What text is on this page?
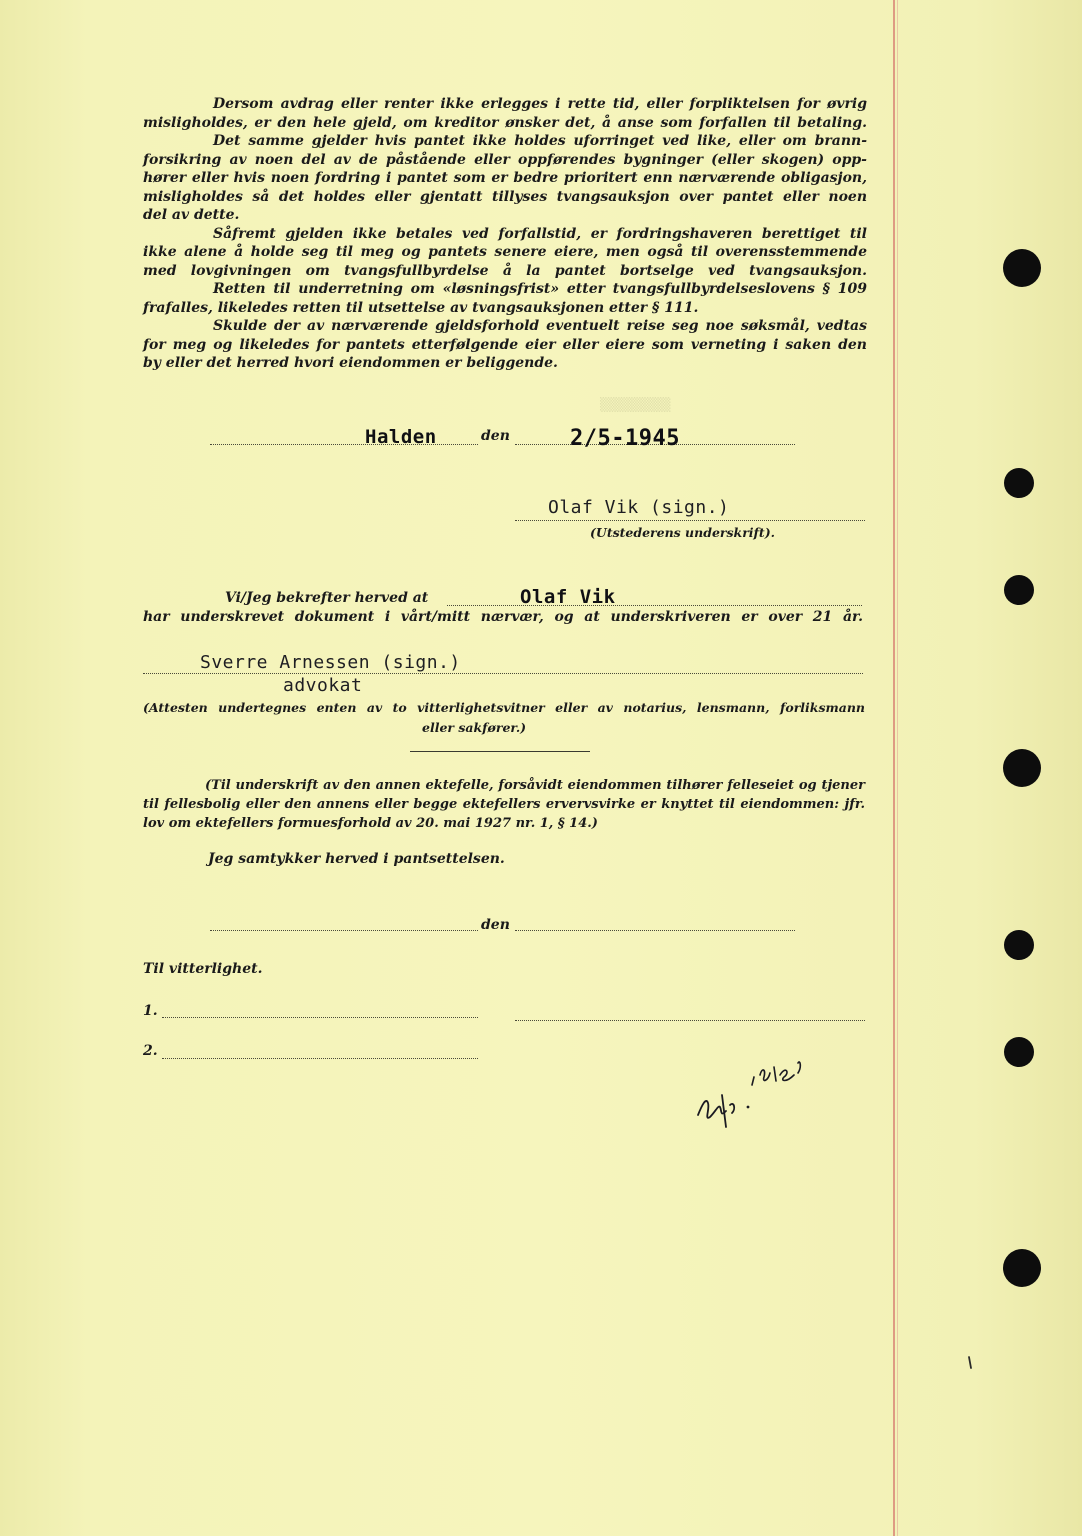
▒▒▒▒▒▒▒▒▒

Dersom avdrag eller renter ikke erlegges i rette tid, eller forpliktelsen for øvrig

misligholdes, er den hele gjeld, om kreditor ønsker det, å anse som forfallen til betaling.

Det samme gjelder hvis pantet ikke holdes uforringet ved like, eller om brann-

forsikring av noen del av de påstående eller oppførendes bygninger (eller skogen) opp-

hører eller hvis noen fordring i pantet som er bedre prioritert enn nærværende obligasjon,

misligholdes så det holdes eller gjentatt tillyses tvangsauksjon over pantet eller noen

del av dette.

Såfremt gjelden ikke betales ved forfallstid, er fordringshaveren berettiget til

ikke alene å holde seg til meg og pantets senere eiere, men også til overensstemmende

med lovgivningen om tvangsfullbyrdelse å la pantet bortselge ved tvangsauksjon.

Retten til underretning om «løsningsfrist» etter tvangsfullbyrdelseslovens § 109

frafalles, likeledes retten til utsettelse av tvangsauksjonen etter § 111.

Skulde der av nærværende gjeldsforhold eventuelt reise seg noe søksmål, vedtas

for meg og likeledes for pantets etterfølgende eier eller eiere som verneting i saken den

by eller det herred hvori eiendommen er beliggende.

Halden	den	2/5-1945
Olaf Vik (sign.)
(Utstederens underskrift).
Vi/Jeg bekrefter herved at	Olaf Vik
har underskrevet dokument i vårt/mitt nærvær, og at underskriveren er over 21 år.
Sverre Arnessen (sign.)
advokat
(Attesten undertegnes enten av to vitterlighetsvitner eller av notarius, lensmann, forliksmann
eller sakfører.)

(Til underskrift av den annen ektefelle, forsåvidt eiendommen tilhører felleseiet og tjener

til fellesbolig eller den annens eller begge ektefellers ervervsvirke er knyttet til eiendommen: jfr.

lov om ektefellers formuesforhold av 20. mai 1927 nr. 1, § 14.)

Jeg samtykker herved i pantsettelsen.
den
Til vitterlighet.
1.
2.
